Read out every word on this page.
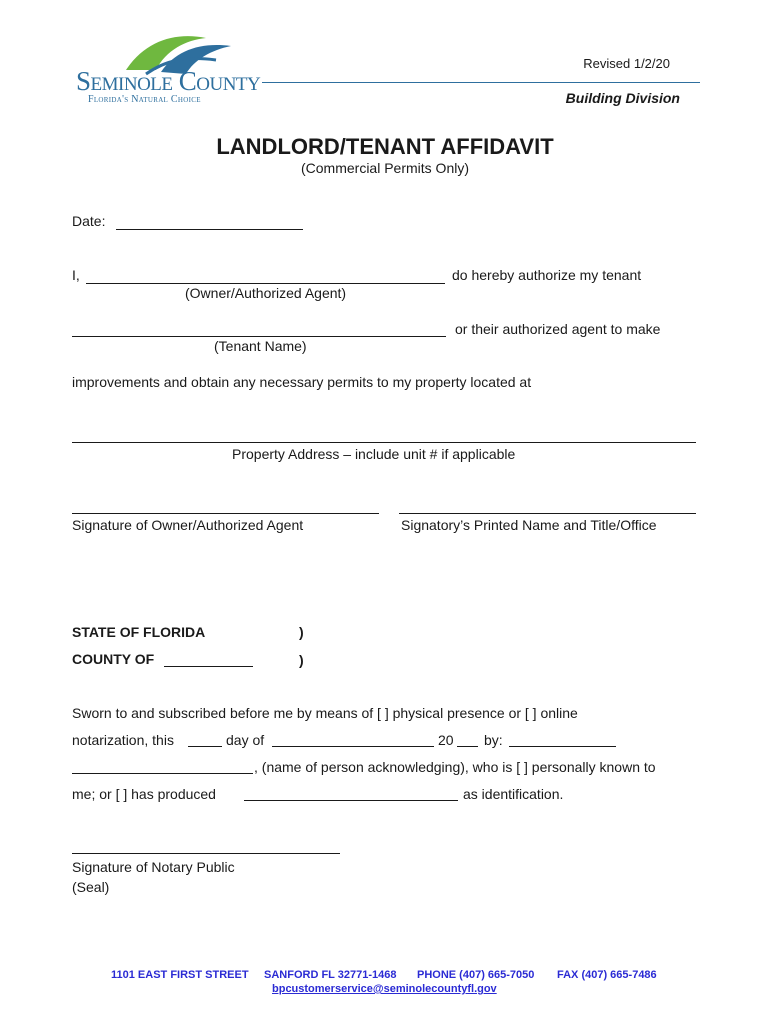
TM
Seminole County
Florida's Natural Choice
Revised 1/2/20
Building Division
LANDLORD/TENANT AFFIDAVIT
(Commercial Permits Only)
Date:
I,	do hereby authorize my tenant
(Owner/Authorized Agent)
or their authorized agent to make
(Tenant Name)
improvements and obtain any necessary permits to my property located at
Property Address – include unit # if applicable
Signature of Owner/Authorized Agent	Signatory’s Printed Name and Title/Office
STATE OF FLORIDA	)
COUNTY OF	)
Sworn to and subscribed before me by means of [ ] physical presence or [ ] online
notarization, this	day of	20 by:
, (name of person acknowledging), who is [ ] personally known to
me; or [ ] has produced	as identification.
Signature of Notary Public
(Seal)
1101 EAST FIRST STREET SANFORD FL 32771-1468 PHONE (407) 665-7050 FAX (407) 665-7486
bpcustomerservice@seminolecountyfl.gov
